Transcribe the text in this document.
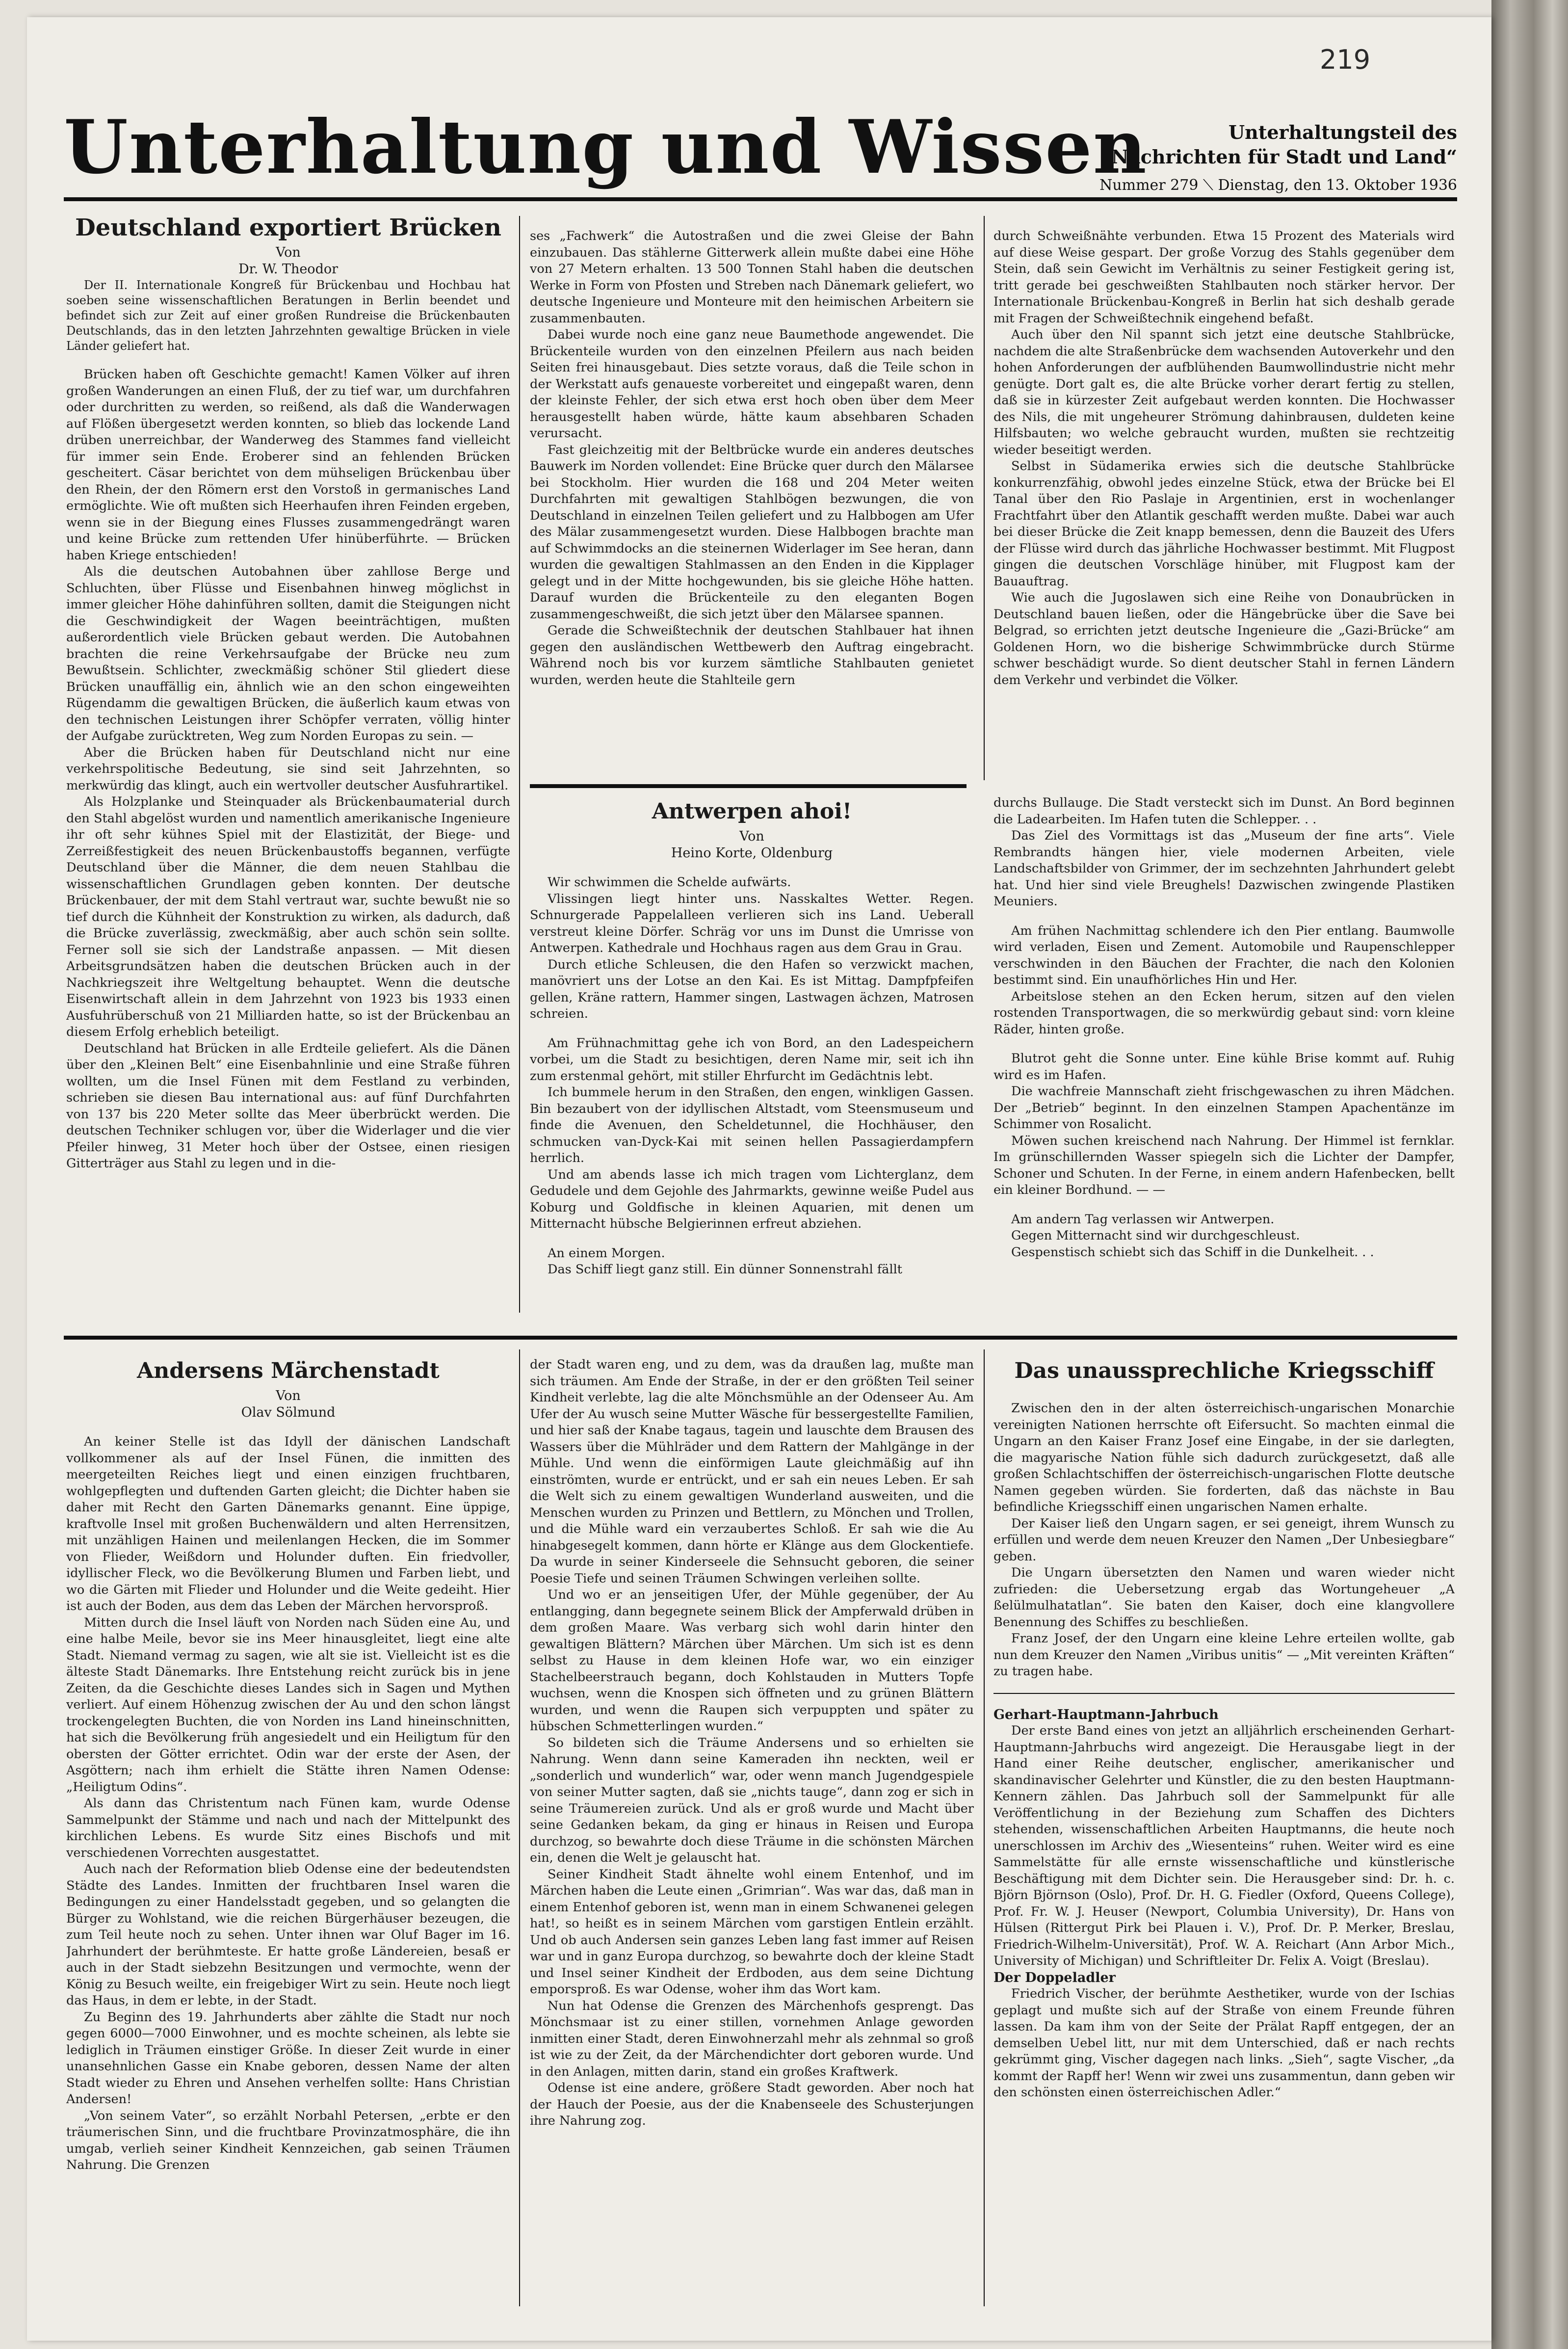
219
Unterhaltung und Wissen	Unterhaltungsteil des
„Nachrichten für Stadt und Land“
Nummer 279 ⟍ Dienstag, den 13. Oktober 1936
Deutschland exportiert Brücken
Von
Dr. W. Theodor

Der II. Internationale Kongreß für Brückenbau und Hochbau hat soeben seine wissenschaftlichen Beratungen in Berlin beendet und befindet sich zur Zeit auf einer großen Rundreise die Brückenbauten Deutschlands, das in den letzten Jahrzehnten gewaltige Brücken in viele Länder geliefert hat.

Brücken haben oft Geschichte gemacht! Kamen Völker auf ihren großen Wanderungen an einen Fluß, der zu tief war, um durchfahren oder durchritten zu werden, so reißend, als daß die Wanderwagen auf Flößen übergesetzt werden konnten, so blieb das lockende Land drüben unerreichbar, der Wanderweg des Stammes fand vielleicht für immer sein Ende. Eroberer sind an fehlenden Brücken gescheitert. Cäsar berichtet von dem mühseligen Brückenbau über den Rhein, der den Römern erst den Vorstoß in germanisches Land ermöglichte. Wie oft mußten sich Heerhaufen ihren Feinden ergeben, wenn sie in der Biegung eines Flusses zusammengedrängt waren und keine Brücke zum rettenden Ufer hinüberführte. — Brücken haben Kriege entschieden!

Als die deutschen Autobahnen über zahllose Berge und Schluchten, über Flüsse und Eisenbahnen hinweg möglichst in immer gleicher Höhe dahinführen sollten, damit die Steigungen nicht die Geschwindigkeit der Wagen beeinträchtigen, mußten außerordentlich viele Brücken gebaut werden. Die Autobahnen brachten die reine Verkehrsaufgabe der Brücke neu zum Bewußtsein. Schlichter, zweckmäßig schöner Stil gliedert diese Brücken unauffällig ein, ähnlich wie an den schon eingeweihten Rügendamm die gewaltigen Brücken, die äußerlich kaum etwas von den technischen Leistungen ihrer Schöpfer verraten, völlig hinter der Aufgabe zurücktreten, Weg zum Norden Europas zu sein. —

Aber die Brücken haben für Deutschland nicht nur eine verkehrspolitische Bedeutung, sie sind seit Jahrzehnten, so merkwürdig das klingt, auch ein wertvoller deutscher Ausfuhrartikel.

Als Holzplanke und Steinquader als Brückenbaumaterial durch den Stahl abgelöst wurden und namentlich amerikanische Ingenieure ihr oft sehr kühnes Spiel mit der Elastizität, der Biege- und Zerreißfestigkeit des neuen Brückenbaustoffs begannen, verfügte Deutschland über die Männer, die dem neuen Stahlbau die wissenschaftlichen Grundlagen geben konnten. Der deutsche Brückenbauer, der mit dem Stahl vertraut war, suchte bewußt nie so tief durch die Kühnheit der Konstruktion zu wirken, als dadurch, daß die Brücke zuverlässig, zweckmäßig, aber auch schön sein sollte. Ferner soll sie sich der Landstraße anpassen. — Mit diesen Arbeitsgrundsätzen haben die deutschen Brücken auch in der Nachkriegszeit ihre Weltgeltung behauptet. Wenn die deutsche Eisenwirtschaft allein in dem Jahrzehnt von 1923 bis 1933 einen Ausfuhrüberschuß von 21 Milliarden hatte, so ist der Brückenbau an diesem Erfolg erheblich beteiligt.

Deutschland hat Brücken in alle Erdteile geliefert. Als die Dänen über den „Kleinen Belt“ eine Eisenbahnlinie und eine Straße führen wollten, um die Insel Fünen mit dem Festland zu verbinden, schrieben sie diesen Bau international aus: auf fünf Durchfahrten von 137 bis 220 Meter sollte das Meer überbrückt werden. Die deutschen Techniker schlugen vor, über die Widerlager und die vier Pfeiler hinweg, 31 Meter hoch über der Ostsee, einen riesigen Gitterträger aus Stahl zu legen und in die-

ses „Fachwerk“ die Autostraßen und die zwei Gleise der Bahn einzubauen. Das stählerne Gitterwerk allein mußte dabei eine Höhe von 27 Metern erhalten. 13 500 Tonnen Stahl haben die deutschen Werke in Form von Pfosten und Streben nach Dänemark geliefert, wo deutsche Ingenieure und Monteure mit den heimischen Arbeitern sie zusammenbauten.

Dabei wurde noch eine ganz neue Baumethode angewendet. Die Brückenteile wurden von den einzelnen Pfeilern aus nach beiden Seiten frei hinausgebaut. Dies setzte voraus, daß die Teile schon in der Werkstatt aufs genaueste vorbereitet und eingepaßt waren, denn der kleinste Fehler, der sich etwa erst hoch oben über dem Meer herausgestellt haben würde, hätte kaum absehbaren Schaden verursacht.

Fast gleichzeitig mit der Beltbrücke wurde ein anderes deutsches Bauwerk im Norden vollendet: Eine Brücke quer durch den Mälarsee bei Stockholm. Hier wurden die 168 und 204 Meter weiten Durchfahrten mit gewaltigen Stahlbögen bezwungen, die von Deutschland in einzelnen Teilen geliefert und zu Halbbogen am Ufer des Mälar zusammengesetzt wurden. Diese Halbbogen brachte man auf Schwimmdocks an die steinernen Widerlager im See heran, dann wurden die gewaltigen Stahlmassen an den Enden in die Kipplager gelegt und in der Mitte hochgewunden, bis sie gleiche Höhe hatten. Darauf wurden die Brückenteile zu den eleganten Bogen zusammengeschweißt, die sich jetzt über den Mälarsee spannen.

Gerade die Schweißtechnik der deutschen Stahlbauer hat ihnen gegen den ausländischen Wettbewerb den Auftrag eingebracht. Während noch bis vor kurzem sämtliche Stahlbauten genietet wurden, werden heute die Stahlteile gern

durch Schweißnähte verbunden. Etwa 15 Prozent des Materials wird auf diese Weise gespart. Der große Vorzug des Stahls gegenüber dem Stein, daß sein Gewicht im Verhältnis zu seiner Festigkeit gering ist, tritt gerade bei geschweißten Stahlbauten noch stärker hervor. Der Internationale Brückenbau-Kongreß in Berlin hat sich deshalb gerade mit Fragen der Schweißtechnik eingehend befaßt.

Auch über den Nil spannt sich jetzt eine deutsche Stahlbrücke, nachdem die alte Straßenbrücke dem wachsenden Autoverkehr und den hohen Anforderungen der aufblühenden Baumwollindustrie nicht mehr genügte. Dort galt es, die alte Brücke vorher derart fertig zu stellen, daß sie in kürzester Zeit aufgebaut werden konnten. Die Hochwasser des Nils, die mit ungeheurer Strömung dahinbrausen, duldeten keine Hilfsbauten; wo welche gebraucht wurden, mußten sie rechtzeitig wieder beseitigt werden.

Selbst in Südamerika erwies sich die deutsche Stahlbrücke konkurrenzfähig, obwohl jedes einzelne Stück, etwa der Brücke bei El Tanal über den Rio Paslaje in Argentinien, erst in wochenlanger Frachtfahrt über den Atlantik geschafft werden mußte. Dabei war auch bei dieser Brücke die Zeit knapp bemessen, denn die Bauzeit des Ufers der Flüsse wird durch das jährliche Hochwasser bestimmt. Mit Flugpost gingen die deutschen Vorschläge hinüber, mit Flugpost kam der Bauauftrag.

Wie auch die Jugoslawen sich eine Reihe von Donaubrücken in Deutschland bauen ließen, oder die Hängebrücke über die Save bei Belgrad, so errichten jetzt deutsche Ingenieure die „Gazi-Brücke“ am Goldenen Horn, wo die bisherige Schwimmbrücke durch Stürme schwer beschädigt wurde. So dient deutscher Stahl in fernen Ländern dem Verkehr und verbindet die Völker.

Antwerpen ahoi!
Von
Heino Korte, Oldenburg

Wir schwimmen die Schelde aufwärts.

Vlissingen liegt hinter uns. Nasskaltes Wetter. Regen. Schnurgerade Pappelalleen verlieren sich ins Land. Ueberall verstreut kleine Dörfer. Schräg vor uns im Dunst die Umrisse von Antwerpen. Kathedrale und Hochhaus ragen aus dem Grau in Grau.

Durch etliche Schleusen, die den Hafen so verzwickt machen, manövriert uns der Lotse an den Kai. Es ist Mittag. Dampfpfeifen gellen, Kräne rattern, Hammer singen, Lastwagen ächzen, Matrosen schreien.

Am Frühnachmittag gehe ich von Bord, an den Ladespeichern vorbei, um die Stadt zu besichtigen, deren Name mir, seit ich ihn zum erstenmal gehört, mit stiller Ehrfurcht im Gedächtnis lebt.

Ich bummele herum in den Straßen, den engen, winkligen Gassen. Bin bezaubert von der idyllischen Altstadt, vom Steensmuseum und finde die Avenuen, den Scheldetunnel, die Hochhäuser, den schmucken van-Dyck-Kai mit seinen hellen Passagierdampfern herrlich.

Und am abends lasse ich mich tragen vom Lichterglanz, dem Gedudele und dem Gejohle des Jahrmarkts, gewinne weiße Pudel aus Koburg und Goldfische in kleinen Aquarien, mit denen um Mitternacht hübsche Belgierinnen erfreut abziehen.

An einem Morgen.

Das Schiff liegt ganz still. Ein dünner Sonnenstrahl fällt

durchs Bullauge. Die Stadt versteckt sich im Dunst. An Bord beginnen die Ladearbeiten. Im Hafen tuten die Schlepper. . .

Das Ziel des Vormittags ist das „Museum der fine arts“. Viele Rembrandts hängen hier, viele modernen Arbeiten, viele Landschaftsbilder von Grimmer, der im sechzehnten Jahrhundert gelebt hat. Und hier sind viele Breughels! Dazwischen zwingende Plastiken Meuniers.

Am frühen Nachmittag schlendere ich den Pier entlang. Baumwolle wird verladen, Eisen und Zement. Automobile und Raupenschlepper verschwinden in den Bäuchen der Frachter, die nach den Kolonien bestimmt sind. Ein unaufhörliches Hin und Her.

Arbeitslose stehen an den Ecken herum, sitzen auf den vielen rostenden Transportwagen, die so merkwürdig gebaut sind: vorn kleine Räder, hinten große.

Blutrot geht die Sonne unter. Eine kühle Brise kommt auf. Ruhig wird es im Hafen.

Die wachfreie Mannschaft zieht frischgewaschen zu ihren Mädchen. Der „Betrieb“ beginnt. In den einzelnen Stampen Apachentänze im Schimmer von Rosalicht.

Möwen suchen kreischend nach Nahrung. Der Himmel ist fernklar. Im grünschillernden Wasser spiegeln sich die Lichter der Dampfer, Schoner und Schuten. In der Ferne, in einem andern Hafenbecken, bellt ein kleiner Bordhund. — —

Am andern Tag verlassen wir Antwerpen.

Gegen Mitternacht sind wir durchgeschleust.

Gespenstisch schiebt sich das Schiff in die Dunkelheit. . .

Andersens Märchenstadt
Von
Olav Sölmund

An keiner Stelle ist das Idyll der dänischen Landschaft vollkommener als auf der Insel Fünen, die inmitten des meergeteilten Reiches liegt und einen einzigen fruchtbaren, wohlgepflegten und duftenden Garten gleicht; die Dichter haben sie daher mit Recht den Garten Dänemarks genannt. Eine üppige, kraftvolle Insel mit großen Buchenwäldern und alten Herrensitzen, mit unzähligen Hainen und meilenlangen Hecken, die im Sommer von Flieder, Weißdorn und Holunder duften. Ein friedvoller, idyllischer Fleck, wo die Bevölkerung Blumen und Farben liebt, und wo die Gärten mit Flieder und Holunder und die Weite gedeiht. Hier ist auch der Boden, aus dem das Leben der Märchen hervorsproß.

Mitten durch die Insel läuft von Norden nach Süden eine Au, und eine halbe Meile, bevor sie ins Meer hinausgleitet, liegt eine alte Stadt. Niemand vermag zu sagen, wie alt sie ist. Vielleicht ist es die älteste Stadt Dänemarks. Ihre Entstehung reicht zurück bis in jene Zeiten, da die Geschichte dieses Landes sich in Sagen und Mythen verliert. Auf einem Höhenzug zwischen der Au und den schon längst trockengelegten Buchten, die von Norden ins Land hineinschnitten, hat sich die Bevölkerung früh angesiedelt und ein Heiligtum für den obersten der Götter errichtet. Odin war der erste der Asen, der Asgöttern; nach ihm erhielt die Stätte ihren Namen Odense: „Heiligtum Odins“.

Als dann das Christentum nach Fünen kam, wurde Odense Sammelpunkt der Stämme und nach und nach der Mittelpunkt des kirchlichen Lebens. Es wurde Sitz eines Bischofs und mit verschiedenen Vorrechten ausgestattet.

Auch nach der Reformation blieb Odense eine der bedeutendsten Städte des Landes. Inmitten der fruchtbaren Insel waren die Bedingungen zu einer Handelsstadt gegeben, und so gelangten die Bürger zu Wohlstand, wie die reichen Bürgerhäuser bezeugen, die zum Teil heute noch zu sehen. Unter ihnen war Oluf Bager im 16. Jahrhundert der berühmteste. Er hatte große Ländereien, besaß er auch in der Stadt siebzehn Besitzungen und vermochte, wenn der König zu Besuch weilte, ein freigebiger Wirt zu sein. Heute noch liegt das Haus, in dem er lebte, in der Stadt.

Zu Beginn des 19. Jahrhunderts aber zählte die Stadt nur noch gegen 6000—7000 Einwohner, und es mochte scheinen, als lebte sie lediglich in Träumen einstiger Größe. In dieser Zeit wurde in einer unansehnlichen Gasse ein Knabe geboren, dessen Name der alten Stadt wieder zu Ehren und Ansehen verhelfen sollte: Hans Christian Andersen!

„Von seinem Vater“, so erzählt Norbahl Petersen, „erbte er den träumerischen Sinn, und die fruchtbare Provinzatmosphäre, die ihn umgab, verlieh seiner Kindheit Kennzeichen, gab seinen Träumen Nahrung. Die Grenzen

der Stadt waren eng, und zu dem, was da draußen lag, mußte man sich träumen. Am Ende der Straße, in der er den größten Teil seiner Kindheit verlebte, lag die alte Mönchsmühle an der Odenseer Au. Am Ufer der Au wusch seine Mutter Wäsche für bessergestellte Familien, und hier saß der Knabe tagaus, tagein und lauschte dem Brausen des Wassers über die Mühlräder und dem Rattern der Mahlgänge in der Mühle. Und wenn die einförmigen Laute gleichmäßig auf ihn einströmten, wurde er entrückt, und er sah ein neues Leben. Er sah die Welt sich zu einem gewaltigen Wunderland ausweiten, und die Menschen wurden zu Prinzen und Bettlern, zu Mönchen und Trollen, und die Mühle ward ein verzaubertes Schloß. Er sah wie die Au hinabgesegelt kommen, dann hörte er Klänge aus dem Glockentiefe. Da wurde in seiner Kinderseele die Sehnsucht geboren, die seiner Poesie Tiefe und seinen Träumen Schwingen verleihen sollte.

Und wo er an jenseitigen Ufer, der Mühle gegenüber, der Au entlangging, dann begegnete seinem Blick der Ampferwald drüben in dem großen Maare. Was verbarg sich wohl darin hinter den gewaltigen Blättern? Märchen über Märchen. Um sich ist es denn selbst zu Hause in dem kleinen Hofe war, wo ein einziger Stachelbeerstrauch begann, doch Kohlstauden in Mutters Topfe wuchsen, wenn die Knospen sich öffneten und zu grünen Blättern wurden, und wenn die Raupen sich verpuppten und später zu hübschen Schmetterlingen wurden.“

So bildeten sich die Träume Andersens und so erhielten sie Nahrung. Wenn dann seine Kameraden ihn neckten, weil er „sonderlich und wunderlich“ war, oder wenn manch Jugendgespiele von seiner Mutter sagten, daß sie „nichts tauge“, dann zog er sich in seine Träumereien zurück. Und als er groß wurde und Macht über seine Gedanken bekam, da ging er hinaus in Reisen und Europa durchzog, so bewahrte doch diese Träume in die schönsten Märchen ein, denen die Welt je gelauscht hat.

Seiner Kindheit Stadt ähnelte wohl einem Entenhof, und im Märchen haben die Leute einen „Grimrian“. Was war das, daß man in einem Entenhof geboren ist, wenn man in einem Schwanenei gelegen hat!, so heißt es in seinem Märchen vom garstigen Entlein erzählt. Und ob auch Andersen sein ganzes Leben lang fast immer auf Reisen war und in ganz Europa durchzog, so bewahrte doch der kleine Stadt und Insel seiner Kindheit der Erdboden, aus dem seine Dichtung emporsproß. Es war Odense, woher ihm das Wort kam.

Nun hat Odense die Grenzen des Märchenhofs gesprengt. Das Mönchsmaar ist zu einer stillen, vornehmen Anlage geworden inmitten einer Stadt, deren Einwohnerzahl mehr als zehnmal so groß ist wie zu der Zeit, da der Märchendichter dort geboren wurde. Und in den Anlagen, mitten darin, stand ein großes Kraftwerk.

Odense ist eine andere, größere Stadt geworden. Aber noch hat der Hauch der Poesie, aus der die Knabenseele des Schusterjungen ihre Nahrung zog.

Das unaussprechliche Kriegsschiff

Zwischen den in der alten österreichisch-ungarischen Monarchie vereinigten Nationen herrschte oft Eifersucht. So machten einmal die Ungarn an den Kaiser Franz Josef eine Eingabe, in der sie darlegten, die magyarische Nation fühle sich dadurch zurückgesetzt, daß alle großen Schlachtschiffen der österreichisch-ungarischen Flotte deutsche Namen gegeben würden. Sie forderten, daß das nächste in Bau befindliche Kriegsschiff einen ungarischen Namen erhalte.

Der Kaiser ließ den Ungarn sagen, er sei geneigt, ihrem Wunsch zu erfüllen und werde dem neuen Kreuzer den Namen „Der Unbesiegbare“ geben.

Die Ungarn übersetzten den Namen und waren wieder nicht zufrieden: die Uebersetzung ergab das Wortungeheuer „A ßelülmulhatatlan“. Sie baten den Kaiser, doch eine klangvollere Benennung des Schiffes zu beschließen.

Franz Josef, der den Ungarn eine kleine Lehre erteilen wollte, gab nun dem Kreuzer den Namen „Viribus unitis“ — „Mit vereinten Kräften“ zu tragen habe.

Gerhart-Hauptmann-Jahrbuch

Der erste Band eines von jetzt an alljährlich erscheinenden Gerhart-Hauptmann-Jahrbuchs wird angezeigt. Die Herausgabe liegt in der Hand einer Reihe deutscher, englischer, amerikanischer und skandinavischer Gelehrter und Künstler, die zu den besten Hauptmann-Kennern zählen. Das Jahrbuch soll der Sammelpunkt für alle Veröffentlichung in der Beziehung zum Schaffen des Dichters stehenden, wissenschaftlichen Arbeiten Hauptmanns, die heute noch unerschlossen im Archiv des „Wiesenteins“ ruhen. Weiter wird es eine Sammelstätte für alle ernste wissenschaftliche und künstlerische Beschäftigung mit dem Dichter sein. Die Herausgeber sind: Dr. h. c. Björn Björnson (Oslo), Prof. Dr. H. G. Fiedler (Oxford, Queens College), Prof. Fr. W. J. Heuser (Newport, Columbia University), Dr. Hans von Hülsen (Rittergut Pirk bei Plauen i. V.), Prof. Dr. P. Merker, Breslau, Friedrich-Wilhelm-Universität), Prof. W. A. Reichart (Ann Arbor Mich., University of Michigan) und Schriftleiter Dr. Felix A. Voigt (Breslau).

Der Doppeladler

Friedrich Vischer, der berühmte Aesthetiker, wurde von der Ischias geplagt und mußte sich auf der Straße von einem Freunde führen lassen. Da kam ihm von der Seite der Prälat Rapff entgegen, der an demselben Uebel litt, nur mit dem Unterschied, daß er nach rechts gekrümmt ging, Vischer dagegen nach links. „Sieh“, sagte Vischer, „da kommt der Rapff her! Wenn wir zwei uns zusammentun, dann geben wir den schönsten einen österreichischen Adler.“
